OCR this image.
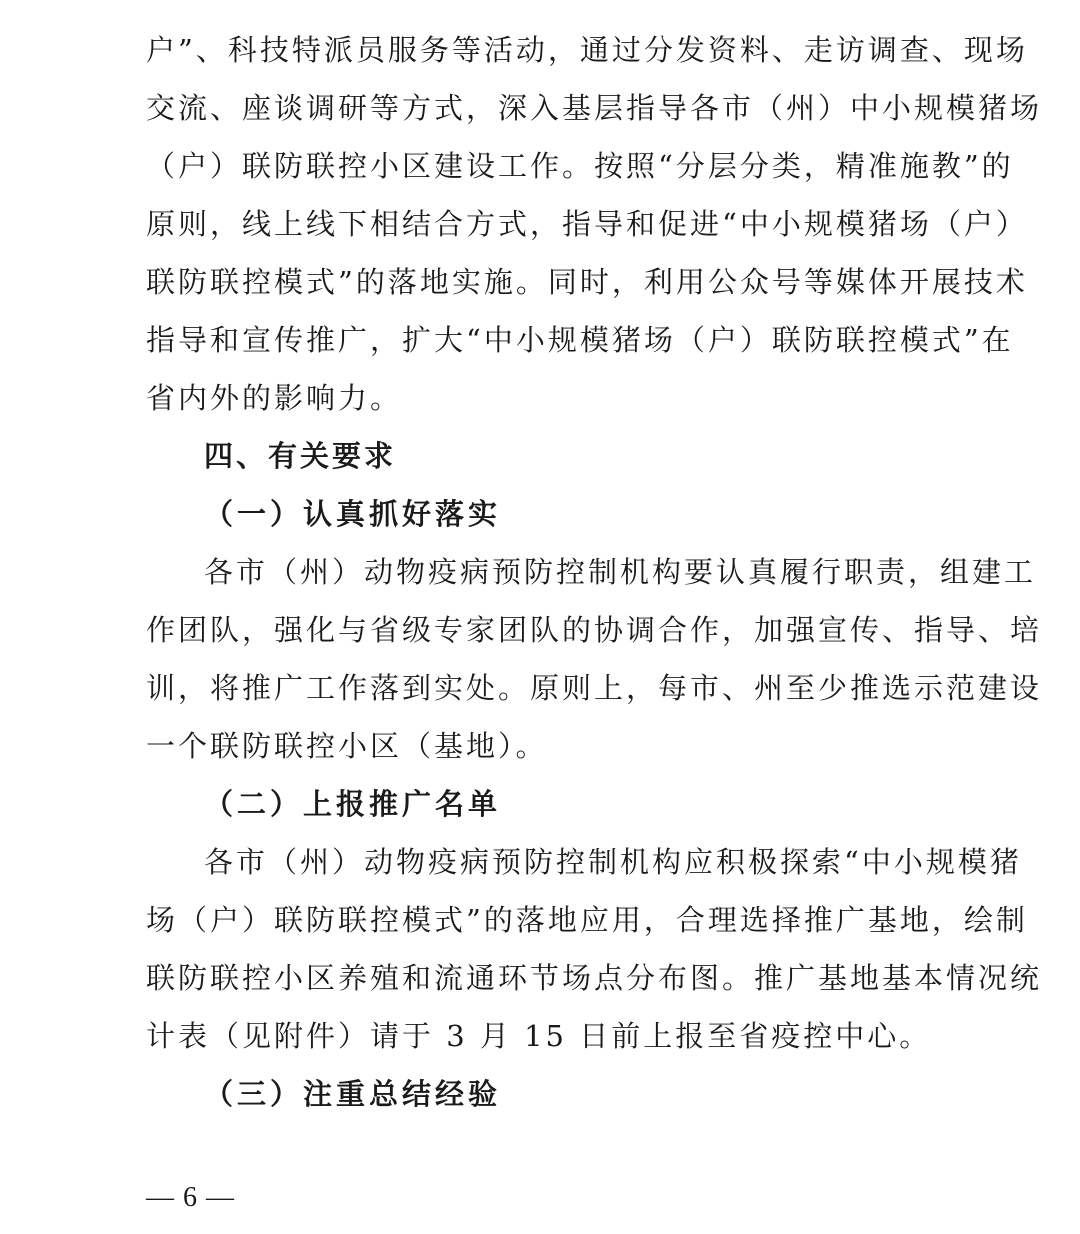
户”、科技特派员服务等活动，通过分发资料、走访调查、现场
交流、座谈调研等方式，深入基层指导各市（州）中小规模猪场
（户）联防联控小区建设工作。按照“分层分类，精准施教”的
原则，线上线下相结合方式，指导和促进“中小规模猪场（户）
联防联控模式”的落地实施。同时，利用公众号等媒体开展技术
指导和宣传推广，扩大“中小规模猪场（户）联防联控模式”在
省内外的影响力。
四、有关要求
（一）认真抓好落实
各市（州）动物疫病预防控制机构要认真履行职责，组建工
作团队，强化与省级专家团队的协调合作，加强宣传、指导、培
训，将推广工作落到实处。原则上，每市、州至少推选示范建设
一个联防联控小区（基地）。
（二）上报推广名单
各市（州）动物疫病预防控制机构应积极探索“中小规模猪
场（户）联防联控模式”的落地应用，合理选择推广基地，绘制
联防联控小区养殖和流通环节场点分布图。推广基地基本情况统
计表（见附件）请于 3 月 15 日前上报至省疫控中心。
（三）注重总结经验
— 6 —
